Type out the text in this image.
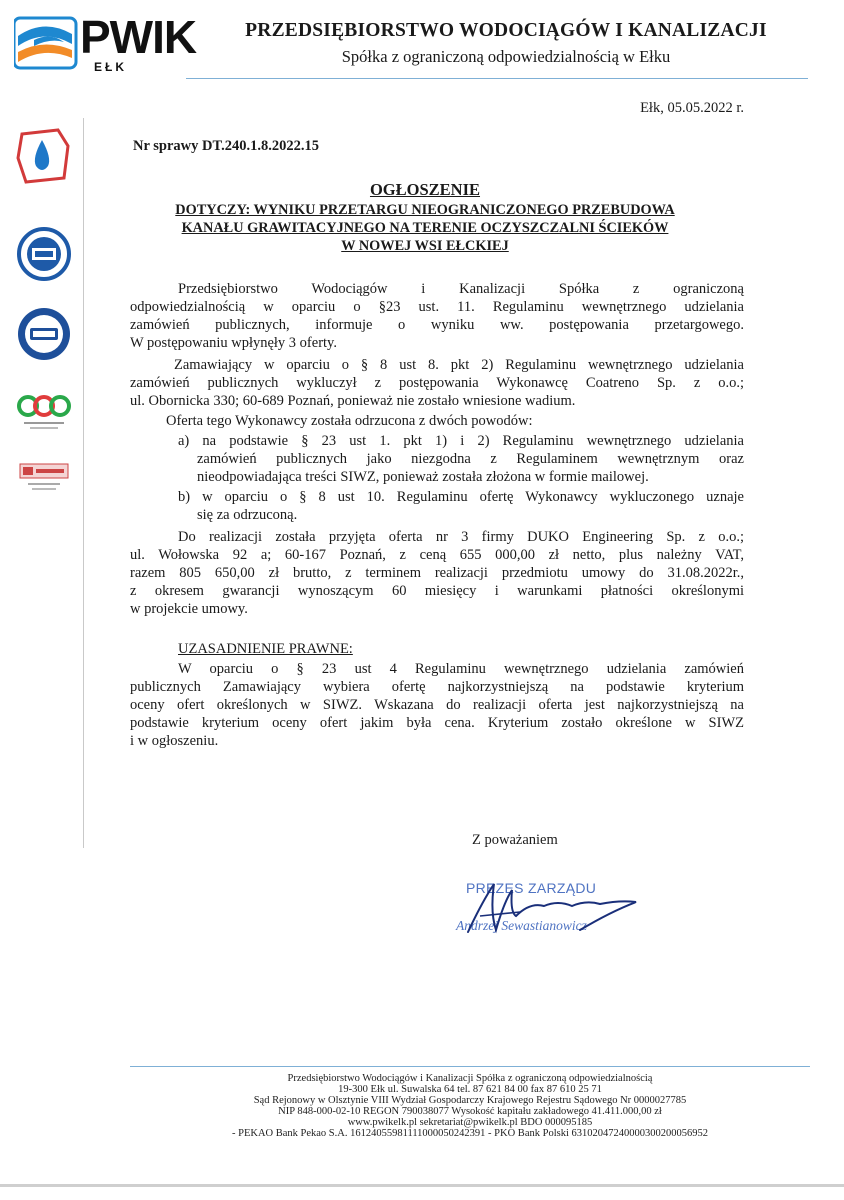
PWIK
EŁK
PRZEDSIĘBIORSTWO WODOCIĄGÓW I KANALIZACJI
Spółka z ograniczoną odpowiedzialnością w Ełku
Ełk, 05.05.2022 r.
Nr sprawy DT.240.1.8.2022.15
OGŁOSZENIE
DOTYCZY: WYNIKU PRZETARGU NIEOGRANICZONEGO PRZEBUDOWA
KANAŁU GRAWITACYJNEGO NA TERENIE OCZYSZCZALNI ŚCIEKÓW
W NOWEJ WSI EŁCKIEJ
Przedsiębiorstwo Wodociągów i Kanalizacji Spółka z ograniczoną
odpowiedzialnością w oparciu o §23 ust. 11. Regulaminu wewnętrznego udzielania
zamówień publicznych, informuje o wyniku ww. postępowania przetargowego.
W postępowaniu wpłynęły 3 oferty.
Zamawiający w oparciu o § 8 ust 8. pkt 2) Regulaminu wewnętrznego udzielania
zamówień publicznych wykluczył z postępowania Wykonawcę Coatreno Sp. z o.o.;
ul. Obornicka 330; 60-689 Poznań, ponieważ nie zostało wniesione wadium.
Oferta tego Wykonawcy została odrzucona z dwóch powodów:
a) na podstawie § 23 ust 1. pkt 1) i 2) Regulaminu wewnętrznego udzielania
zamówień publicznych jako niezgodna z Regulaminem wewnętrznym oraz
nieodpowiadająca treści SIWZ, ponieważ została złożona w formie mailowej.
b) w oparciu o § 8 ust 10. Regulaminu ofertę Wykonawcy wykluczonego uznaje
się za odrzuconą.
Do realizacji została przyjęta oferta nr 3 firmy DUKO Engineering Sp. z o.o.;
ul. Wołowska 92 a; 60-167 Poznań, z ceną 655 000,00 zł netto, plus należny VAT,
razem 805 650,00 zł brutto, z terminem realizacji przedmiotu umowy do 31.08.2022r.,
z okresem gwarancji wynoszącym 60 miesięcy i warunkami płatności określonymi
w projekcie umowy.
UZASADNIENIE PRAWNE:
W oparciu o § 23 ust 4 Regulaminu wewnętrznego udzielania zamówień
publicznych Zamawiający wybiera ofertę najkorzystniejszą na podstawie kryterium
oceny ofert określonych w SIWZ. Wskazana do realizacji oferta jest najkorzystniejszą na
podstawie kryterium oceny ofert jakim była cena. Kryterium zostało określone w SIWZ
i w ogłoszeniu.
Z poważaniem
PREZES ZARZĄDU
Andrzej Sewastianowicz
Przedsiębiorstwo Wodociągów i Kanalizacji Spółka z ograniczoną odpowiedzialnością
19-300 Ełk ul. Suwalska 64 tel. 87 621 84 00 fax 87 610 25 71
Sąd Rejonowy w Olsztynie VIII Wydział Gospodarczy Krajowego Rejestru Sądowego Nr 0000027785
NIP 848-000-02-10 REGON 790038077 Wysokość kapitału zakładowego 41.411.000,00 zł
www.pwikelk.pl sekretariat@pwikelk.pl BDO 000095185
- PEKAO Bank Pekao S.A. 16124055981111000050242391 - PKO Bank Polski 63102047240000300200056952
